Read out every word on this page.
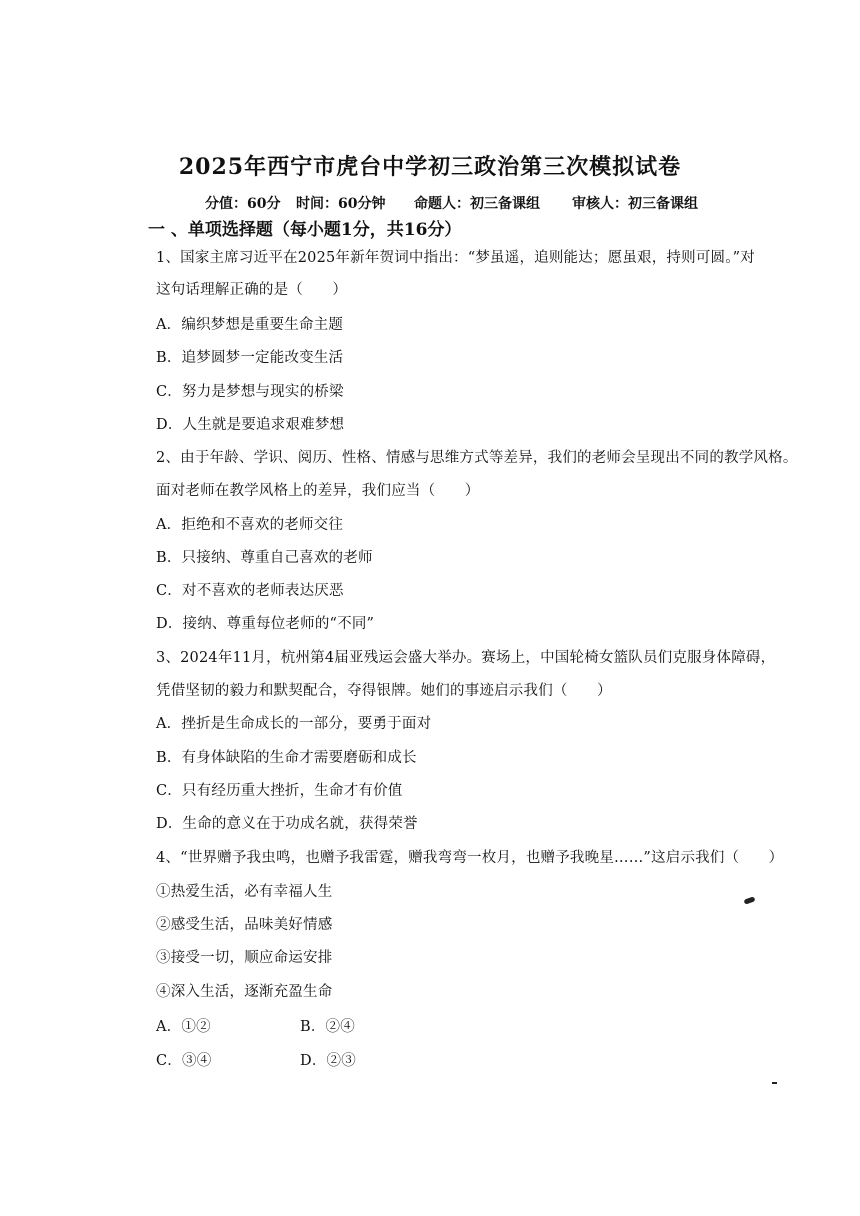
2025年西宁市虎台中学初三政治第三次模拟试卷
分值：60分 时间：60分钟 命题人：初三备课组 审核人：初三备课组
一 、单项选择题（每小题1分，共16分）
1、国家主席习近平在2025年新年贺词中指出：“梦虽遥，追则能达；愿虽艰，持则可圆。”对
这句话理解正确的是（　　）
A．编织梦想是重要生命主题
B．追梦圆梦一定能改变生活
C．努力是梦想与现实的桥梁
D．人生就是要追求艰难梦想
2、由于年龄、学识、阅历、性格、情感与思维方式等差异，我们的老师会呈现出不同的教学风格。
面对老师在教学风格上的差异，我们应当（　　）
A．拒绝和不喜欢的老师交往
B．只接纳、尊重自己喜欢的老师
C．对不喜欢的老师表达厌恶
D．接纳、尊重每位老师的“不同”
3、2024年11月，杭州第4届亚残运会盛大举办。赛场上，中国轮椅女篮队员们克服身体障碍，
凭借坚韧的毅力和默契配合，夺得银牌。她们的事迹启示我们（　　）
A．挫折是生命成长的一部分，要勇于面对
B．有身体缺陷的生命才需要磨砺和成长
C．只有经历重大挫折，生命才有价值
D．生命的意义在于功成名就，获得荣誉
4、“世界赠予我虫鸣，也赠予我雷霆，赠我弯弯一枚月，也赠予我晚星……”这启示我们（　　）
①热爱生活，必有幸福人生
②感受生活，品味美好情感
③接受一切，顺应命运安排
④深入生活，逐渐充盈生命
A．①②	B．②④
C．③④	D．②③
